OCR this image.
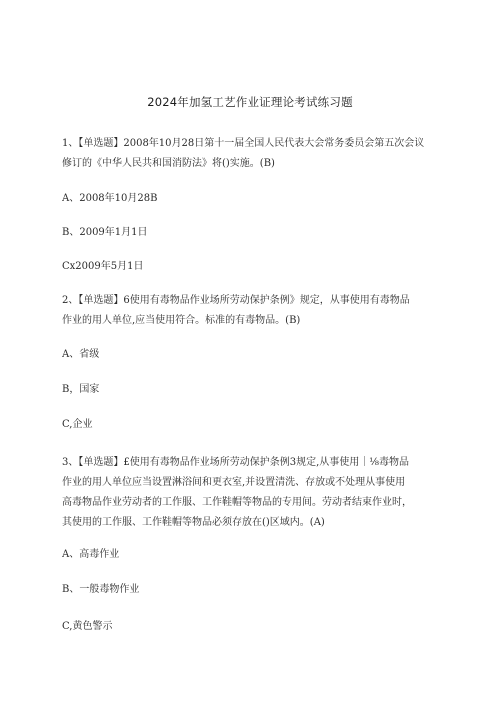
2024年加氢工艺作业证理论考试练习题
1、【单选题】2008年10月28日第十一届全国人民代表大会常务委员会第五次会议
修订的《中华人民共和国消防法》将()实施。(B)
A、2008年10月28B
B、2009年1月1日
Cx2009年5月1日
2、【单选题】6使用有毒物品作业场所劳动保护条例》规定，从事使用有毒物品
作业的用人单位,应当使用符合。标准的有毒物品。(B)
A、省级
B，国家
C,企业
3、【单选题】£使用有毒物品作业场所劳动保护条例3规定,从事使用｜⅛毒物品
作业的用人单位应当设置淋浴间和更衣室,并设置清洗、存放或不处理从事使用
高毒物品作业劳动者的工作服、工作鞋帽等物品的专用间。劳动者结束作业时，
其使用的工作服、工作鞋帽等物品必须存放在()区域内。(A)
A、高毒作业
B、一般毒物作业
C,黄色警示
